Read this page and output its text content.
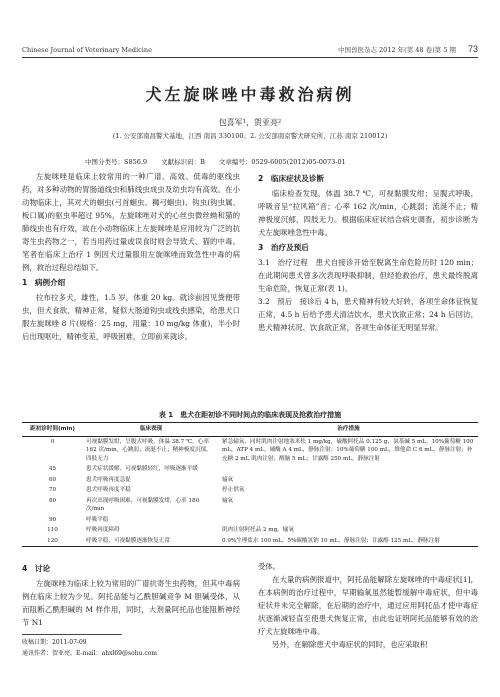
Chinese Journal of Veterinary Medicine	中国兽医杂志 2012 年(第 48 卷)第 5 期 73
犬左旋咪唑中毒救治病例
包喜军¹，贺亚亮²
(1. 公安部南昌警犬基地，江西 南昌 330100；2. 公安部南京警犬研究所，江苏 南京 210012)
中图分类号：S856.9 文献标识码：B 文章编号：0529-6005(2012)05-0073-01

左旋咪唑是临床上较常用的一种广谱、高效、低毒的驱线虫药，对多种动物的胃肠道线虫和肺线虫成虫及幼虫均有高效。在小动物临床上，其对犬的蛔虫(弓首蛔虫、狮弓蛔虫)、钩虫(钩虫属、板口属)的驱虫率超过 95%，左旋咪唑对犬的心丝虫微丝蚴和猫的肺线虫也有疗效，故在小动物临床上左旋咪唑是应用较为广泛的抗寄生虫药物之一，若当用药过量或误食时则会导致犬、猫的中毒。笔者在临床上治疗 1 例因犬过量服用左旋咪唑而致急性中毒的病例，救治过程总结如下。

1　病例介绍

拉布拉多犬，雄性，1.5 岁，体重 20 kg。就诊前因见粪便带虫，但犬食欲、精神正常，疑似大肠道钩虫或线虫感染，给患犬口服左旋咪唑 8 片(规格：25 mg，用量：10 mg/kg 体重)，半小时后出现呕吐，精神变差，呼吸困难，立即前来就诊。

2　临床症状及诊断

临床检查发现，体温 38.7 ℃，可视黏膜发绀；呈腹式呼吸，呼吸音呈“拉风箱”音；心率 162 次/min，心跳弱；流涎不止；精神极度沉郁，四肢无力。根据临床症状结合病史调查，初步诊断为犬左旋咪唑急性中毒。

3　治疗及预后

3.1　治疗过程　患犬自接诊开始至脱离生命危险历时 120 min；在此期间患犬曾多次表现呼吸抑制，但经抢救治疗，患犬最终脱离生命危险，恢复正常(表 1)。

3.2　预后　接诊后 4 h，患犬精神有较大好转，各项生命体征恢复正常，4.5 h 后给予患犬清洁饮水，患犬饮欲正常；24 h 后回访，患犬精神状况、饮食欲正常，各项生命体征无明显异常。

表 1　患犬在距初诊不同时间点的临床表现及抢救治疗措施
距初诊时间(min)	临床表现	治疗措施
0	可视黏膜发绀，呈腹式呼吸，体温 38.7 ℃，心率 162 次/min，心跳弱；流涎不止；精神极度沉郁，四肢无力	紧急输氧，同时肌肉注射地塞米松 1 mg/kg，硫酸阿托品 0.125 g，氨茶碱 5 mL，10%葡萄糖 100 mL，ATP 4 mL，辅酶 A 4 mL，静脉注射；10%葡萄糖 100 mL，维他命 C 6 mL，静脉注射；补充糖 2 mL 肌肉注射；醒脑 5 mL；甘露醇 250 mL，静脉注射
45	患犬症状缓解，可视黏膜轻红，呼吸逐渐平缓	
60	患犬呼吸再度急促	输氧
70	患犬呼吸再度平稳	停止供氧
80	再次出现呼吸困难，可视黏膜发绀，心率 180 次/min	输氧
90	呼吸平稳	
110	呼吸再度障碍	肌肉注射阿托品 2 mg，输氧
120	呼吸平稳，可视黏膜逐渐恢复正常	0.9%生理盐水 100 mL，5%碳酸氢钠 10 mL，静脉注射；甘露醇 125 mL，静脉注射
4　讨论

左旋咪唑为临床上较为常用的广谱抗寄生虫药物，但其中毒病例在临床上较为少见。阿托品能与乙酰胆碱竞争 M 胆碱受体，从而阻断乙酰胆碱的 M 样作用，同时，大剂量阿托品也能阻断神经节 N1

受体。

在大量的病例报道中，阿托品能解除左旋咪唑的中毒症状[1]，在本病例的治疗过程中，早期输氧虽然能暂缓解中毒症状，但中毒症状并未完全解除，在后期的治疗中，通过应用阿托品才使中毒症状逐渐减轻直至使患犬恢复正常，由此也证明阿托品能够有效的治疗犬左旋咪唑中毒。

另外，在解除患犬中毒症状的同时，也应采取积

收稿日期：2011-07-09
通讯作者：贺亚亮，E-mail：ahxl69@sohu.com
